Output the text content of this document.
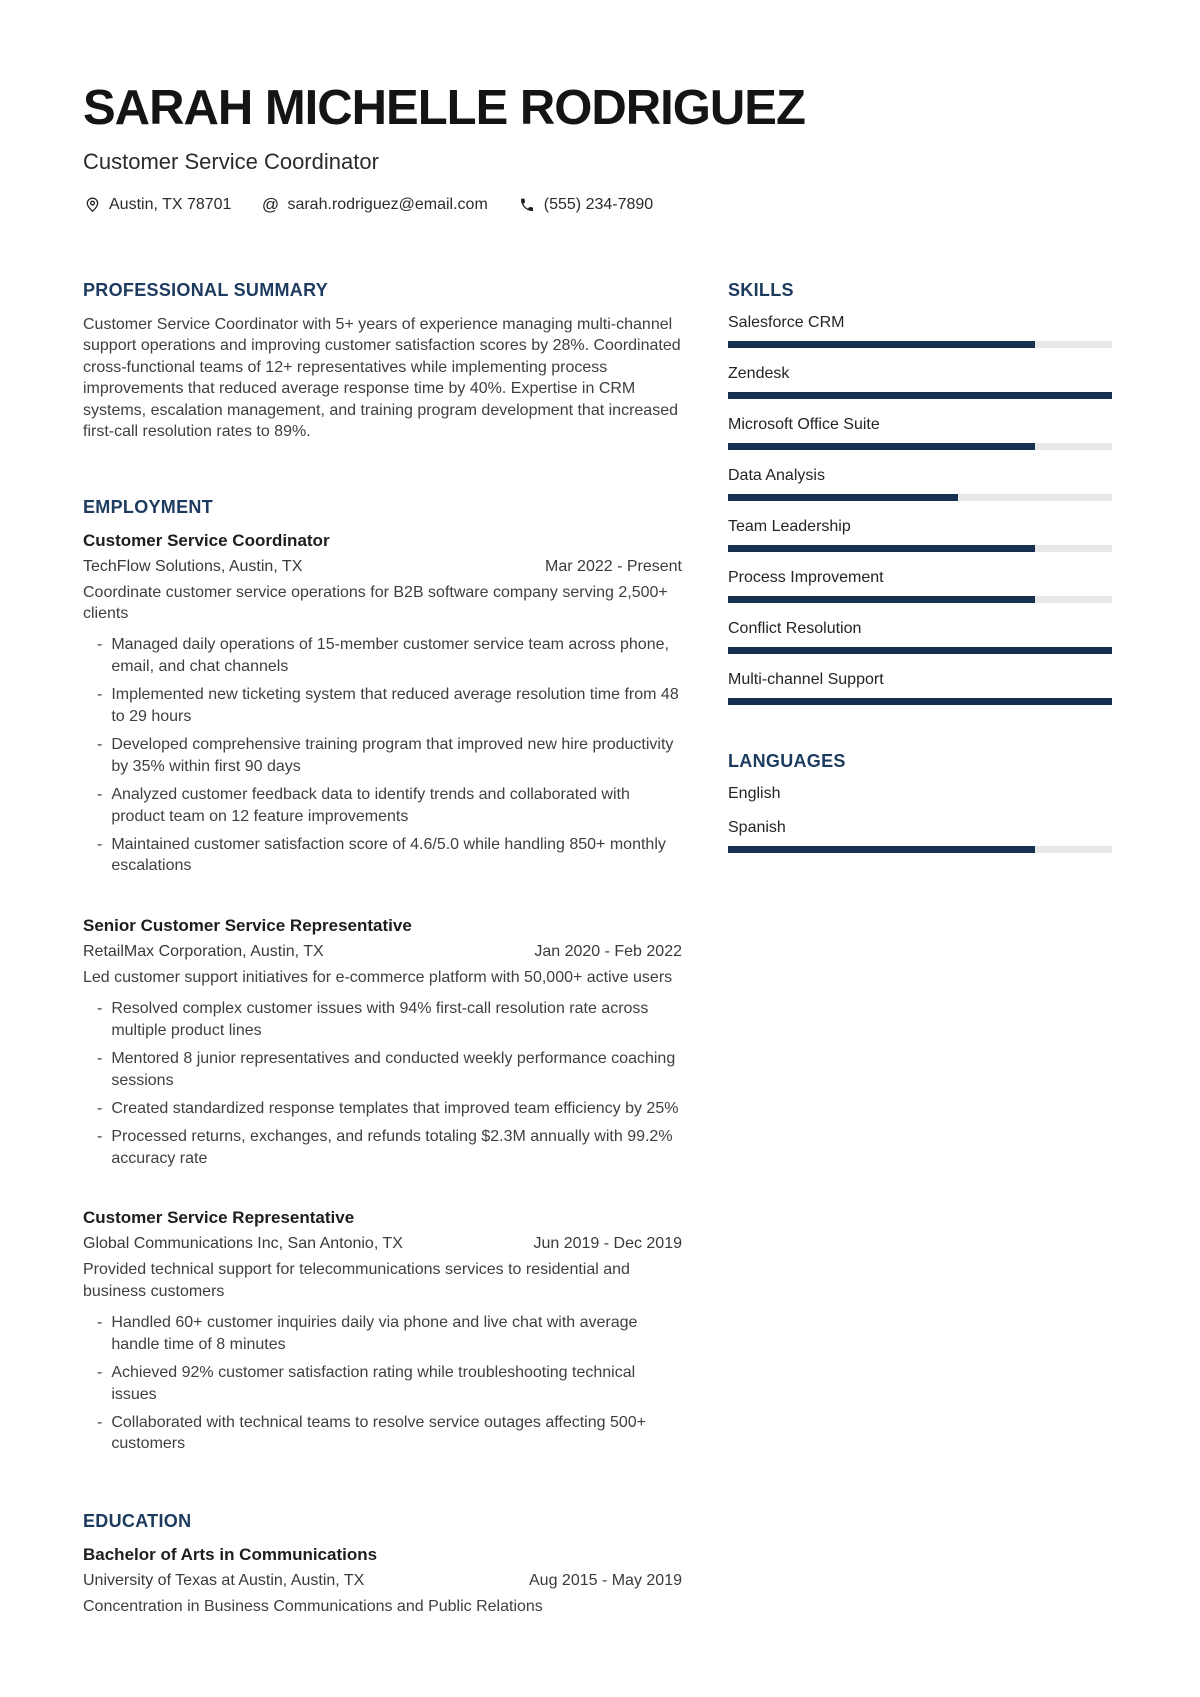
SARAH MICHELLE RODRIGUEZ
Customer Service Coordinator
Austin, TX 78701 @ sarah.rodriguez@email.com	(555) 234-7890
PROFESSIONAL SUMMARY

Customer Service Coordinator with 5+ years of experience managing multi-channel support operations and improving customer satisfaction scores by 28%. Coordinated cross-functional teams of 12+ representatives while implementing process improvements that reduced average response time by 40%. Expertise in CRM systems, escalation management, and training program development that increased first-call resolution rates to 89%.

EMPLOYMENT
Customer Service Coordinator
TechFlow Solutions, Austin, TX	Mar 2022 - Present
Coordinate customer service operations for B2B software company serving 2,500+ clients
- Managed daily operations of 15-member customer service team across phone, email, and chat channels
- Implemented new ticketing system that reduced average resolution time from 48 to 29 hours
- Developed comprehensive training program that improved new hire productivity by 35% within first 90 days
- Analyzed customer feedback data to identify trends and collaborated with product team on 12 feature improvements
- Maintained customer satisfaction score of 4.6/5.0 while handling 850+ monthly escalations
Senior Customer Service Representative
RetailMax Corporation, Austin, TX	Jan 2020 - Feb 2022
Led customer support initiatives for e-commerce platform with 50,000+ active users
- Resolved complex customer issues with 94% first-call resolution rate across multiple product lines
- Mentored 8 junior representatives and conducted weekly performance coaching sessions
- Created standardized response templates that improved team efficiency by 25%
- Processed returns, exchanges, and refunds totaling $2.3M annually with 99.2% accuracy rate
Customer Service Representative
Global Communications Inc, San Antonio, TX	Jun 2019 - Dec 2019
Provided technical support for telecommunications services to residential and business customers
- Handled 60+ customer inquiries daily via phone and live chat with average handle time of 8 minutes
- Achieved 92% customer satisfaction rating while troubleshooting technical issues
- Collaborated with technical teams to resolve service outages affecting 500+ customers
EDUCATION
Bachelor of Arts in Communications
University of Texas at Austin, Austin, TX	Aug 2015 - May 2019
Concentration in Business Communications and Public Relations
SKILLS
Salesforce CRM
Zendesk
Microsoft Office Suite
Data Analysis
Team Leadership
Process Improvement
Conflict Resolution
Multi-channel Support
LANGUAGES
English
Spanish
